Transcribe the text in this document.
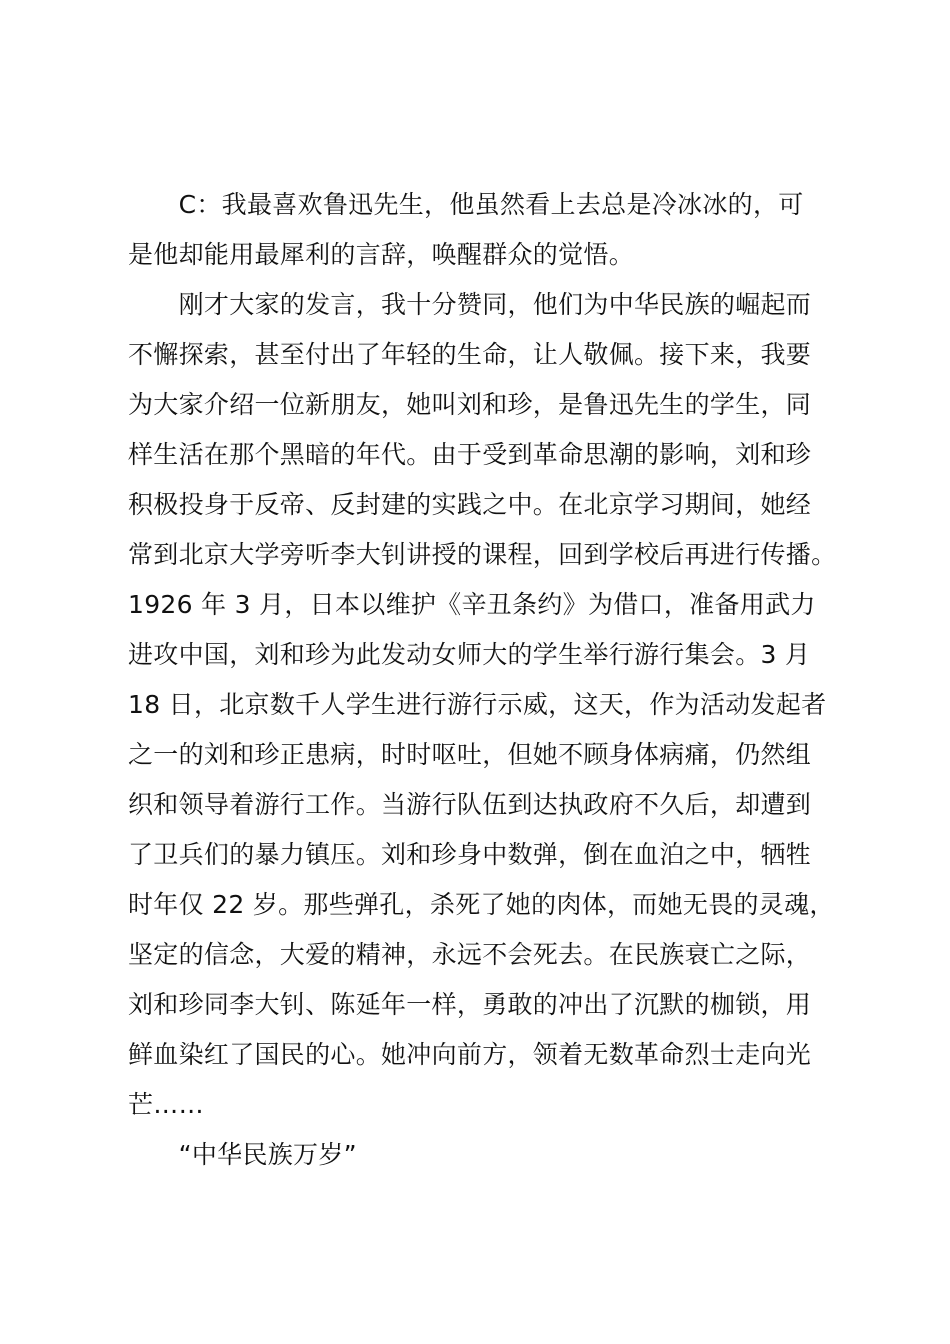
　　C：我最喜欢鲁迅先生，他虽然看上去总是冷冰冰的，可
是他却能用最犀利的言辞，唤醒群众的觉悟。
　　刚才大家的发言，我十分赞同，他们为中华民族的崛起而
不懈探索，甚至付出了年轻的生命，让人敬佩。接下来，我要
为大家介绍一位新朋友，她叫刘和珍，是鲁迅先生的学生，同
样生活在那个黑暗的年代。由于受到革命思潮的影响，刘和珍
积极投身于反帝、反封建的实践之中。在北京学习期间，她经
常到北京大学旁听李大钊讲授的课程，回到学校后再进行传播。
1926 年 3 月，日本以维护《辛丑条约》为借口，准备用武力
进攻中国，刘和珍为此发动女师大的学生举行游行集会。3 月
18 日，北京数千人学生进行游行示威，这天，作为活动发起者
之一的刘和珍正患病，时时呕吐，但她不顾身体病痛，仍然组
织和领导着游行工作。当游行队伍到达执政府不久后，却遭到
了卫兵们的暴力镇压。刘和珍身中数弹，倒在血泊之中，牺牲
时年仅 22 岁。那些弹孔，杀死了她的肉体，而她无畏的灵魂，
坚定的信念，大爱的精神，永远不会死去。在民族衰亡之际，
刘和珍同李大钊、陈延年一样，勇敢的冲出了沉默的枷锁，用
鲜血染红了国民的心。她冲向前方，领着无数革命烈士走向光
芒……
　　“中华民族万岁”
